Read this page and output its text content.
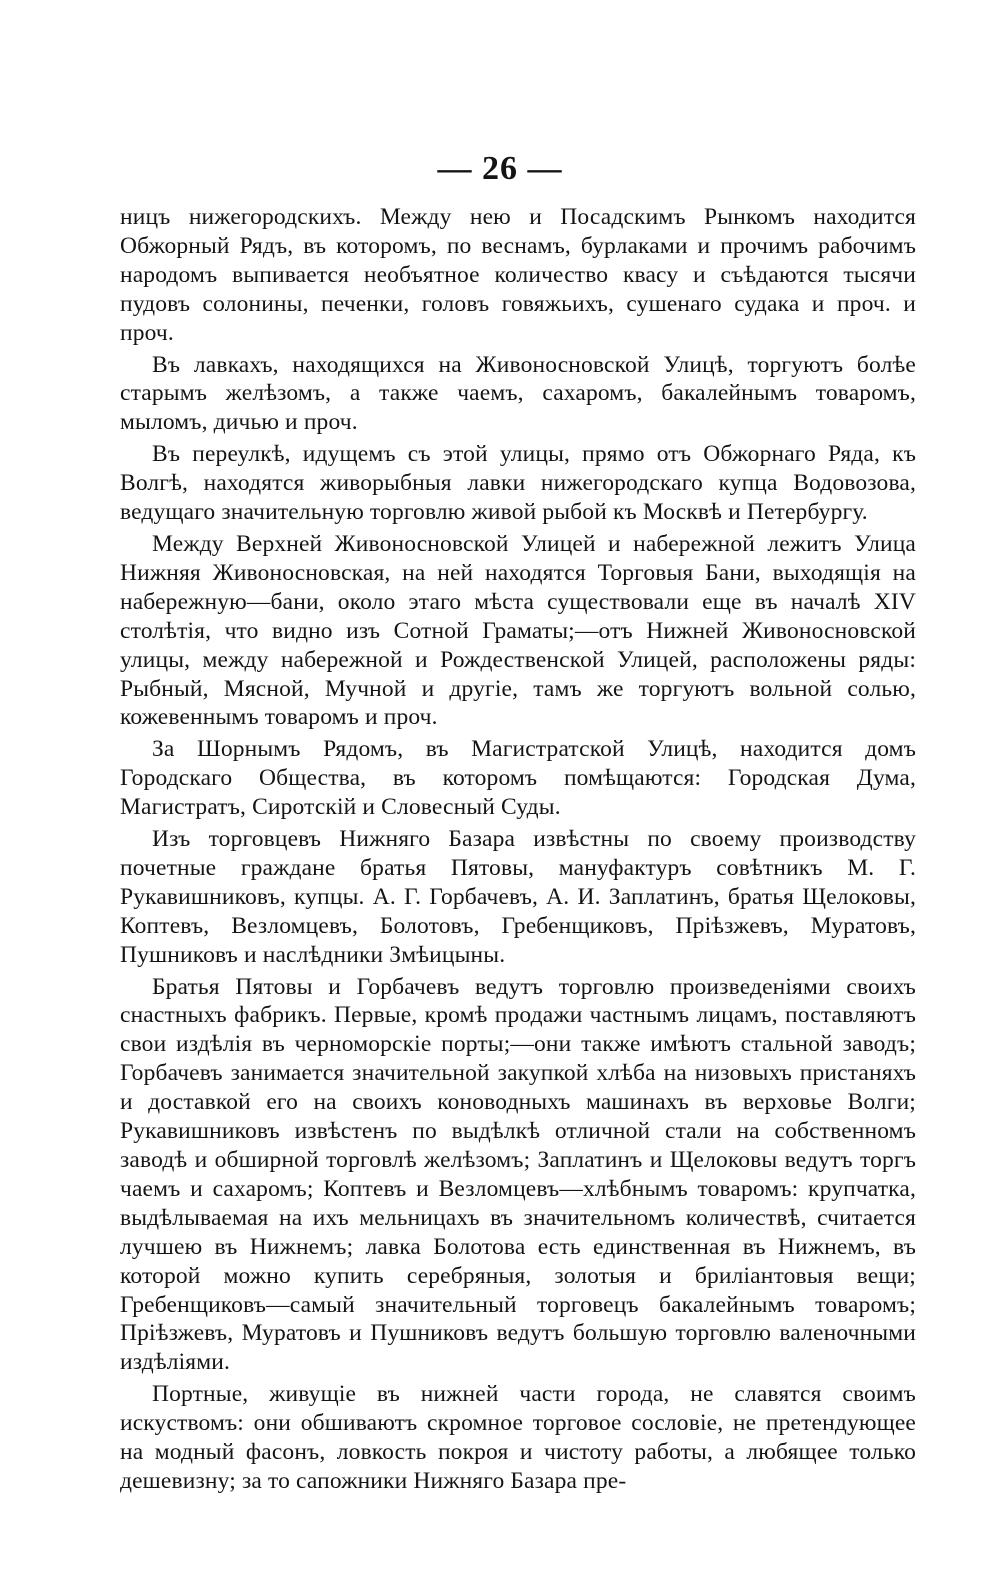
— 26 —

ницъ нижегородскихъ. Между нею и Посадскимъ Рынкомъ находится Обжорный Рядъ, въ которомъ, по веснамъ, бурлаками и прочимъ рабочимъ народомъ выпивается необъятное количество квасу и съѣдаются тысячи пудовъ солонины, печенки, головъ говяжьихъ, сушенаго судака и проч. и проч.

Въ лавкахъ, находящихся на Живоносновской Улицѣ, торгуютъ болѣе старымъ желѣзомъ, а также чаемъ, сахаромъ, бакалейнымъ товаромъ, мыломъ, дичью и проч.

Въ переулкѣ, идущемъ съ этой улицы, прямо отъ Обжорнаго Ряда, къ Волгѣ, находятся живорыбныя лавки нижегородскаго купца Водовозова, ведущаго значительную торговлю живой рыбой къ Москвѣ и Петербургу.

Между Верхней Живоносновской Улицей и набережной лежитъ Улица Нижняя Живоносновская, на ней находятся Торговыя Бани, выходящія на набережную—бани, около этаго мѣста существовали еще въ началѣ XIV столѣтія, что видно изъ Сотной Граматы;—отъ Нижней Живоносновской улицы, между набережной и Рождественской Улицей, расположены ряды: Рыбный, Мясной, Мучной и другіе, тамъ же торгуютъ вольной солью, кожевеннымъ товаромъ и проч.

За Шорнымъ Рядомъ, въ Магистратской Улицѣ, находится домъ Городскаго Общества, въ которомъ помѣщаются: Городская Дума, Магистратъ, Сиротскій и Словесный Суды.

Изъ торговцевъ Нижняго Базара извѣстны по своему производству почетные граждане братья Пятовы, мануфактуръ совѣтникъ М. Г. Рукавишниковъ, купцы. А. Г. Горбачевъ, А. И. Заплатинъ, братья Щелоковы, Коптевъ, Везломцевъ, Болотовъ, Гребенщиковъ, Пріѣзжевъ, Муратовъ, Пушниковъ и наслѣдники Змѣицыны.

Братья Пятовы и Горбачевъ ведутъ торговлю произведеніями своихъ снастныхъ фабрикъ. Первые, кромѣ продажи частнымъ лицамъ, поставляютъ свои издѣлія въ черноморскіе порты;—они также имѣютъ стальной заводъ; Горбачевъ занимается значительной закупкой хлѣба на низовыхъ пристаняхъ и доставкой его на своихъ коноводныхъ машинахъ въ верховье Волги; Рукавишниковъ извѣстенъ по выдѣлкѣ отличной стали на собственномъ заводѣ и обширной торговлѣ желѣзомъ; Заплатинъ и Щелоковы ведутъ торгъ чаемъ и сахаромъ; Коптевъ и Везломцевъ—хлѣбнымъ товаромъ: крупчатка, выдѣлываемая на ихъ мельницахъ въ значительномъ количествѣ, считается лучшею въ Нижнемъ; лавка Болотова есть единственная въ Нижнемъ, въ которой можно купить серебряныя, золотыя и бриліантовыя вещи; Гребенщиковъ—самый значительный торговецъ бакалейнымъ товаромъ; Пріѣзжевъ, Муратовъ и Пушниковъ ведутъ большую торговлю валеночными издѣліями.

Портные, живущіе въ нижней части города, не славятся своимъ искуствомъ: они обшиваютъ скромное торговое сословіе, не претендующее на модный фасонъ, ловкость покроя и чистоту работы, а любящее только дешевизну; за то сапожники Нижняго Базара пре-
